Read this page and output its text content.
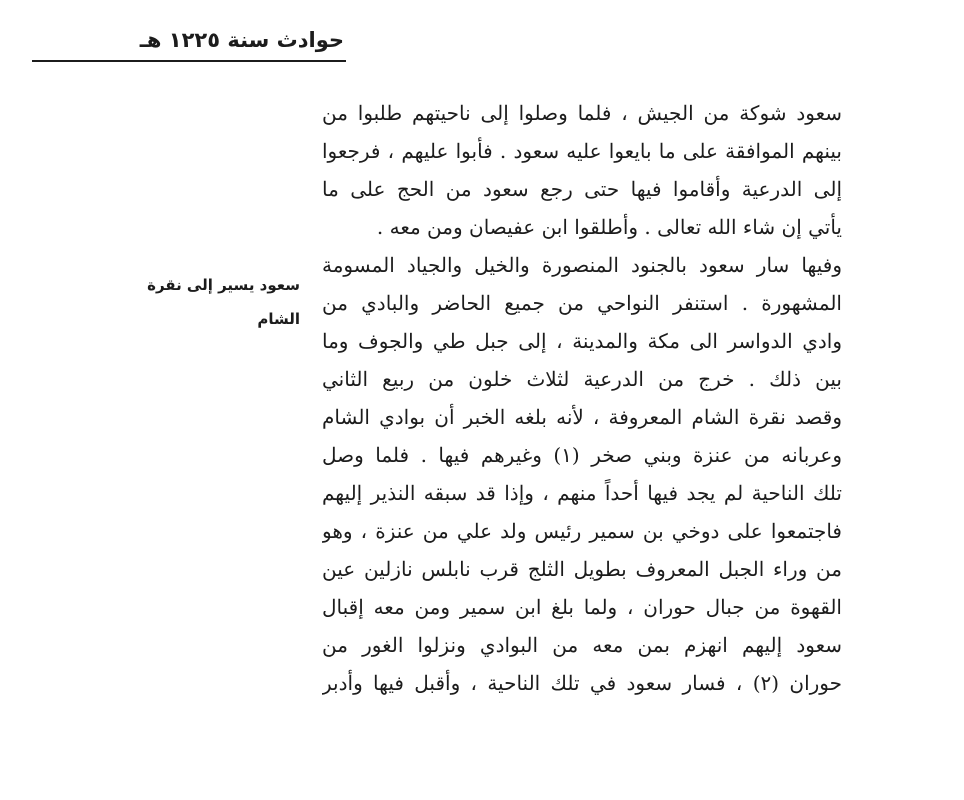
حوادث سنة ١٢٢٥ هـ
سعود يسير إلى نقرة
الشام
سعود شوكة من الجيش ، فلما وصلوا إلى ناحيتهم طلبوا من
بينهم الموافقة على ما بايعوا عليه سعود . فأبوا عليهم ، فرجعوا
إلى الدرعية وأقاموا فيها حتى رجع سعود من الحج على ما
يأتي إن شاء الله تعالى . وأطلقوا ابن عفيصان ومن معه .
وفيها سار سعود بالجنود المنصورة والخيل والجياد المسومة
المشهورة . استنفر النواحي من جميع الحاضر والبادي من
وادي الدواسر الى مكة والمدينة ، إلى جبل طي والجوف وما
بين ذلك . خرج من الدرعية لثلاث خلون من ربيع الثاني
وقصد نقرة الشام المعروفة ، لأنه بلغه الخبر أن بوادي الشام
وعربانه من عنزة وبني صخر (١) وغيرهم فيها . فلما وصل
تلك الناحية لم يجد فيها أحداً منهم ، وإذا قد سبقه النذير إليهم
فاجتمعوا على دوخي بن سمير رئيس ولد علي من عنزة ، وهو
من وراء الجبل المعروف بطويل الثلج قرب نابلس نازلين عين
القهوة من جبال حوران ، ولما بلغ ابن سمير ومن معه إقبال
سعود إليهم انهزم بمن معه من البوادي ونزلوا الغور من
حوران (٢) ، فسار سعود في تلك الناحية ، وأقبل فيها وأدبر
